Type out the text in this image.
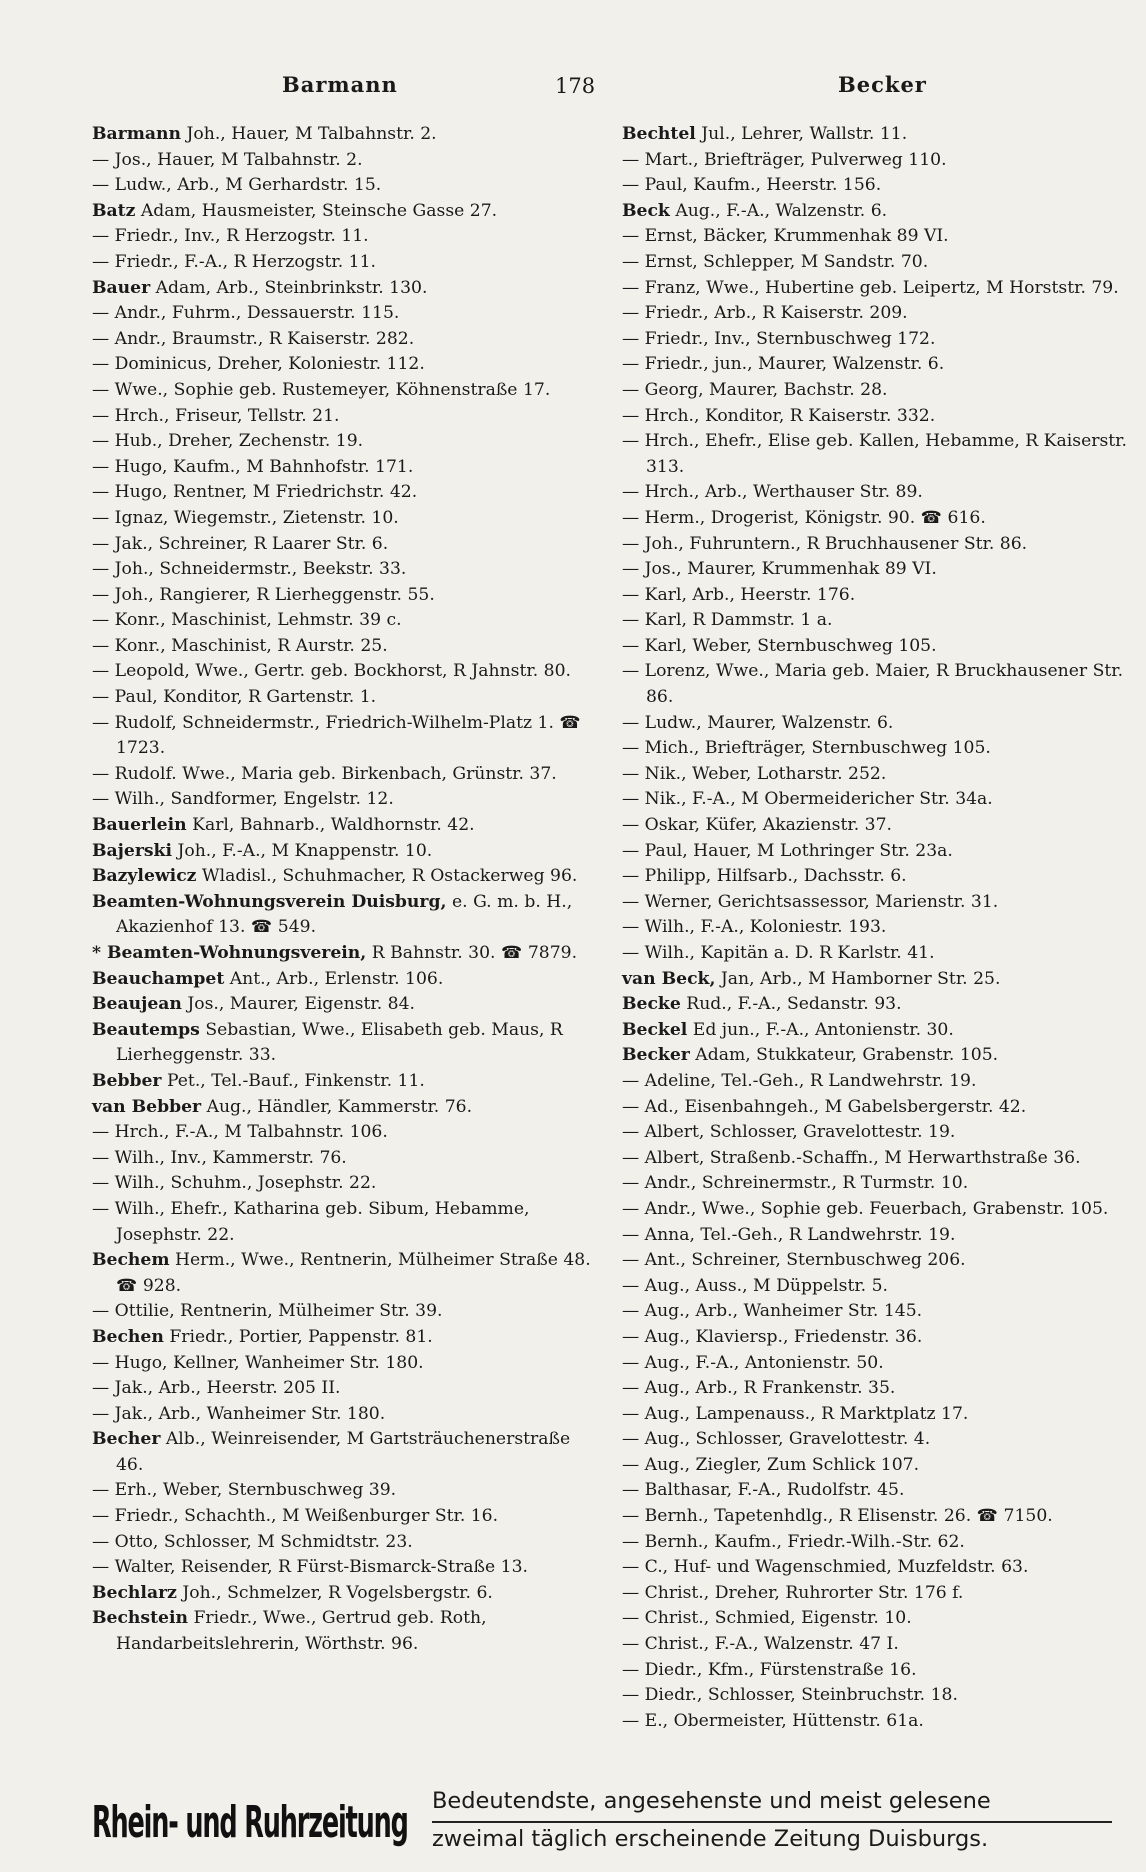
Barmann	178	Becker
Barmann Joh., Hauer, M Talbahnstr. 2.
— Jos., Hauer, M Talbahnstr. 2.
— Ludw., Arb., M Gerhardstr. 15.
Batz Adam, Hausmeister, Steinsche Gasse 27.
— Friedr., Inv., R Herzogstr. 11.
— Friedr., F.-A., R Herzogstr. 11.
Bauer Adam, Arb., Steinbrinkstr. 130.
— Andr., Fuhrm., Dessauerstr. 115.
— Andr., Braumstr., R Kaiserstr. 282.
— Dominicus, Dreher, Koloniestr. 112.
— Wwe., Sophie geb. Rustemeyer, Köhnenstraße 17.
— Hrch., Friseur, Tellstr. 21.
— Hub., Dreher, Zechenstr. 19.
— Hugo, Kaufm., M Bahnhofstr. 171.
— Hugo, Rentner, M Friedrichstr. 42.
— Ignaz, Wiegemstr., Zietenstr. 10.
— Jak., Schreiner, R Laarer Str. 6.
— Joh., Schneidermstr., Beekstr. 33.
— Joh., Rangierer, R Lierheggenstr. 55.
— Konr., Maschinist, Lehmstr. 39 c.
— Konr., Maschinist, R Aurstr. 25.
— Leopold, Wwe., Gertr. geb. Bockhorst, R Jahnstr. 80.
— Paul, Konditor, R Gartenstr. 1.
— Rudolf, Schneidermstr., Friedrich-Wilhelm-Platz 1. ☎ 1723.
— Rudolf. Wwe., Maria geb. Birkenbach, Grünstr. 37.
— Wilh., Sandformer, Engelstr. 12.
Bauerlein Karl, Bahnarb., Waldhornstr. 42.
Bajerski Joh., F.-A., M Knappenstr. 10.
Bazylewicz Wladisl., Schuhmacher, R Ostackerweg 96.
Beamten-Wohnungsverein Duisburg, e. G. m. b. H., Akazienhof 13. ☎ 549.
* Beamten-Wohnungsverein, R Bahnstr. 30. ☎ 7879.
Beauchampet Ant., Arb., Erlenstr. 106.
Beaujean Jos., Maurer, Eigenstr. 84.
Beautemps Sebastian, Wwe., Elisabeth geb. Maus, R Lierheggenstr. 33.
Bebber Pet., Tel.-Bauf., Finkenstr. 11.
van Bebber Aug., Händler, Kammerstr. 76.
— Hrch., F.-A., M Talbahnstr. 106.
— Wilh., Inv., Kammerstr. 76.
— Wilh., Schuhm., Josephstr. 22.
— Wilh., Ehefr., Katharina geb. Sibum, Hebamme, Josephstr. 22.
Bechem Herm., Wwe., Rentnerin, Mülheimer Straße 48. ☎ 928.
— Ottilie, Rentnerin, Mülheimer Str. 39.
Bechen Friedr., Portier, Pappenstr. 81.
— Hugo, Kellner, Wanheimer Str. 180.
— Jak., Arb., Heerstr. 205 II.
— Jak., Arb., Wanheimer Str. 180.
Becher Alb., Weinreisender, M Gartsträuchenerstraße 46.
— Erh., Weber, Sternbuschweg 39.
— Friedr., Schachth., M Weißenburger Str. 16.
— Otto, Schlosser, M Schmidtstr. 23.
— Walter, Reisender, R Fürst-Bismarck-Straße 13.
Bechlarz Joh., Schmelzer, R Vogelsbergstr. 6.
Bechstein Friedr., Wwe., Gertrud geb. Roth, Handarbeitslehrerin, Wörthstr. 96.
Bechtel Jul., Lehrer, Wallstr. 11.
— Mart., Briefträger, Pulverweg 110.
— Paul, Kaufm., Heerstr. 156.
Beck Aug., F.-A., Walzenstr. 6.
— Ernst, Bäcker, Krummenhak 89 VI.
— Ernst, Schlepper, M Sandstr. 70.
— Franz, Wwe., Hubertine geb. Leipertz, M Horststr. 79.
— Friedr., Arb., R Kaiserstr. 209.
— Friedr., Inv., Sternbuschweg 172.
— Friedr., jun., Maurer, Walzenstr. 6.
— Georg, Maurer, Bachstr. 28.
— Hrch., Konditor, R Kaiserstr. 332.
— Hrch., Ehefr., Elise geb. Kallen, Hebamme, R Kaiserstr. 313.
— Hrch., Arb., Werthauser Str. 89.
— Herm., Drogerist, Königstr. 90. ☎ 616.
— Joh., Fuhruntern., R Bruchhausener Str. 86.
— Jos., Maurer, Krummenhak 89 VI.
— Karl, Arb., Heerstr. 176.
— Karl, R Dammstr. 1 a.
— Karl, Weber, Sternbuschweg 105.
— Lorenz, Wwe., Maria geb. Maier, R Bruckhausener Str. 86.
— Ludw., Maurer, Walzenstr. 6.
— Mich., Briefträger, Sternbuschweg 105.
— Nik., Weber, Lotharstr. 252.
— Nik., F.-A., M Obermeidericher Str. 34a.
— Oskar, Küfer, Akazienstr. 37.
— Paul, Hauer, M Lothringer Str. 23a.
— Philipp, Hilfsarb., Dachsstr. 6.
— Werner, Gerichtsassessor, Marienstr. 31.
— Wilh., F.-A., Koloniestr. 193.
— Wilh., Kapitän a. D. R Karlstr. 41.
van Beck, Jan, Arb., M Hamborner Str. 25.
Becke Rud., F.-A., Sedanstr. 93.
Beckel Ed jun., F.-A., Antonienstr. 30.
Becker Adam, Stukkateur, Grabenstr. 105.
— Adeline, Tel.-Geh., R Landwehrstr. 19.
— Ad., Eisenbahngeh., M Gabelsbergerstr. 42.
— Albert, Schlosser, Gravelottestr. 19.
— Albert, Straßenb.-Schaffn., M Herwarthstraße 36.
— Andr., Schreinermstr., R Turmstr. 10.
— Andr., Wwe., Sophie geb. Feuerbach, Grabenstr. 105.
— Anna, Tel.-Geh., R Landwehrstr. 19.
— Ant., Schreiner, Sternbuschweg 206.
— Aug., Auss., M Düppelstr. 5.
— Aug., Arb., Wanheimer Str. 145.
— Aug., Klaviersp., Friedenstr. 36.
— Aug., F.-A., Antonienstr. 50.
— Aug., Arb., R Frankenstr. 35.
— Aug., Lampenauss., R Marktplatz 17.
— Aug., Schlosser, Gravelottestr. 4.
— Aug., Ziegler, Zum Schlick 107.
— Balthasar, F.-A., Rudolfstr. 45.
— Bernh., Tapetenhdlg., R Elisenstr. 26. ☎ 7150.
— Bernh., Kaufm., Friedr.-Wilh.-Str. 62.
— C., Huf- und Wagenschmied, Muzfeldstr. 63.
— Christ., Dreher, Ruhrorter Str. 176 f.
— Christ., Schmied, Eigenstr. 10.
— Christ., F.-A., Walzenstr. 47 I.
— Diedr., Kfm., Fürstenstraße 16.
— Diedr., Schlosser, Steinbruchstr. 18.
— E., Obermeister, Hüttenstr. 61a.
Rhein- und Ruhrzeitung Bedeutendste, angesehenste und meist gelesene
zweimal täglich erscheinende Zeitung Duisburgs.
